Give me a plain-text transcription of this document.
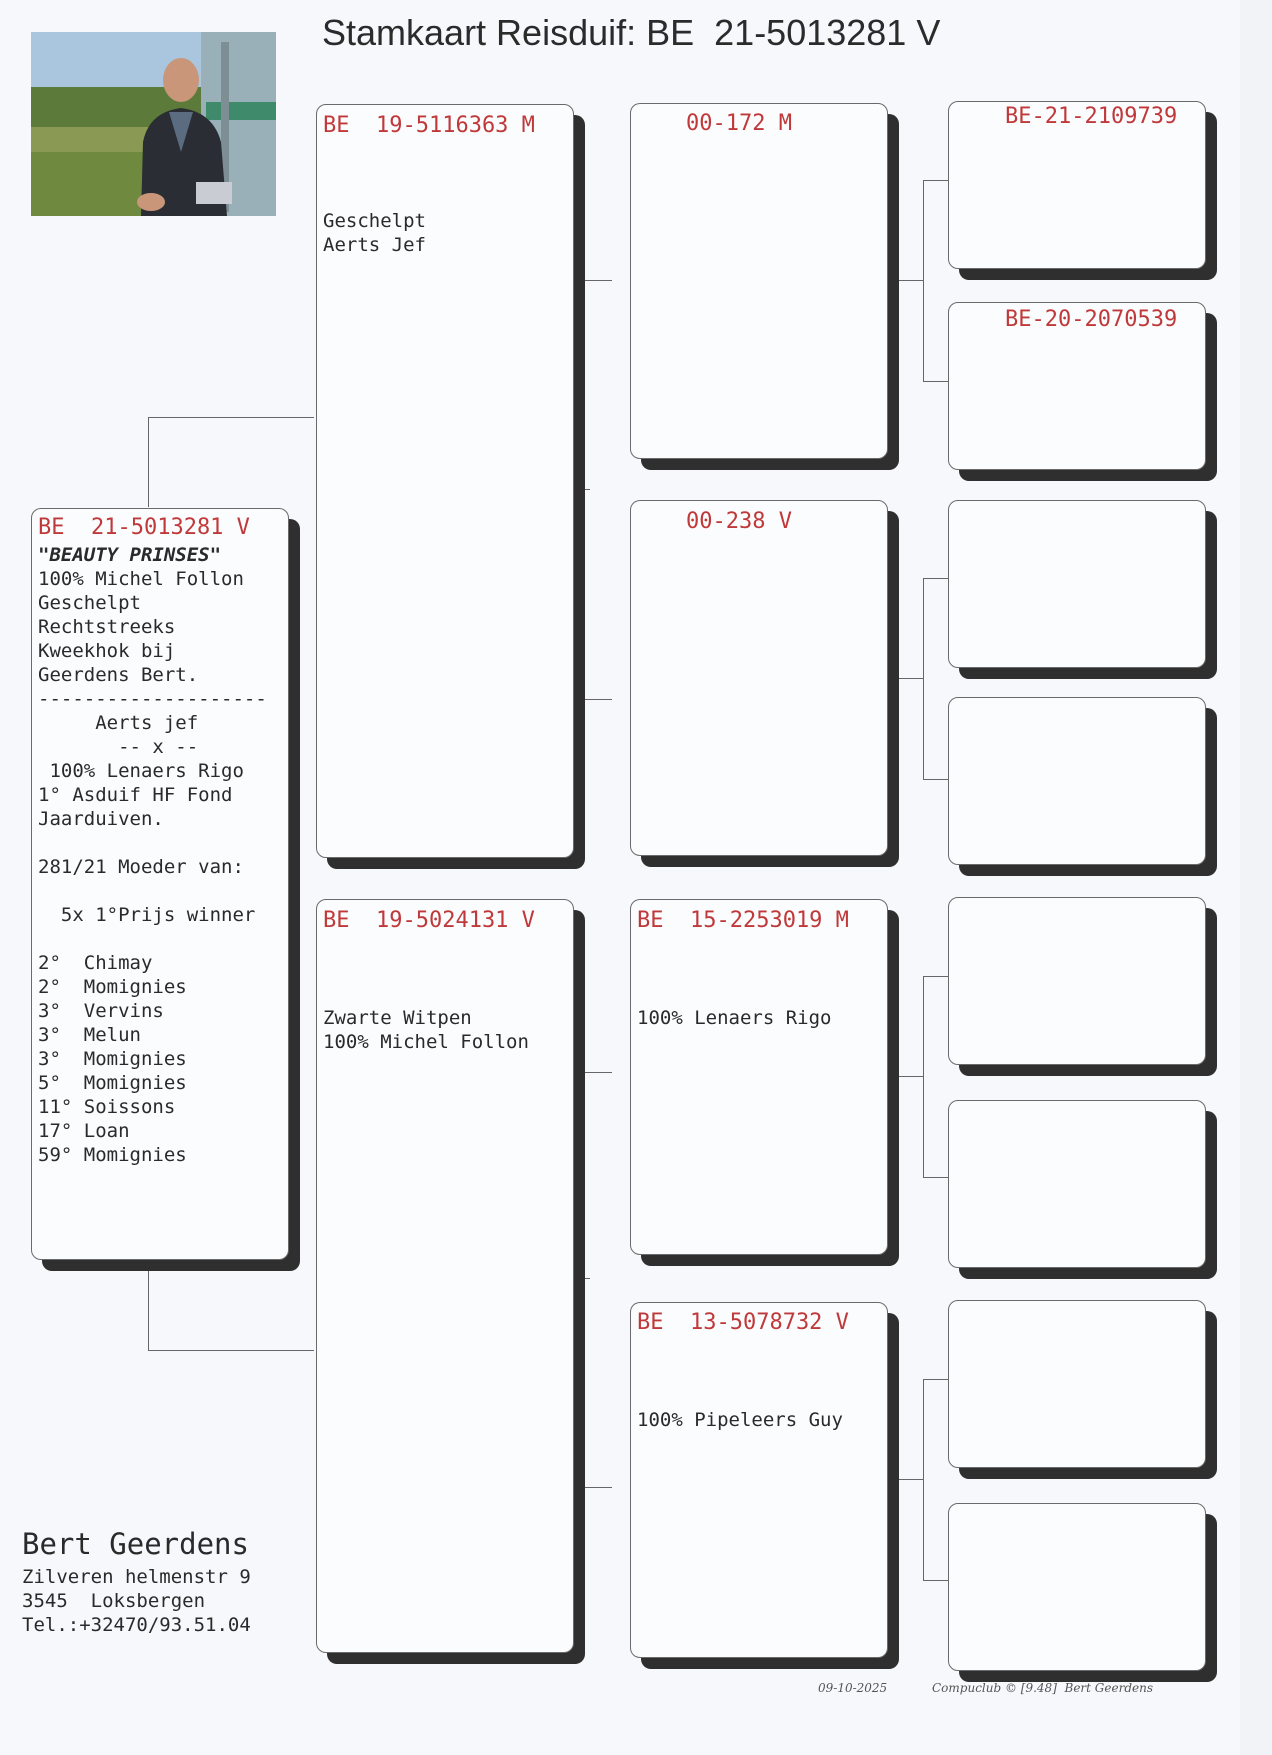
Stamkaart Reisduif: BE  21-5013281 V
BE  21-5013281 V
"BEAUTY PRINSES"
100% Michel Follon
Geschelpt
Rechtstreeks
Kweekhok bij
Geerdens Bert.
--------------------
Aerts jef
-- x --
100% Lenaers Rigo
1° Asduif HF Fond
Jaarduiven.

281/21 Moeder van:

5x 1°Prijs winner

2°  Chimay
2°  Momignies
3°  Vervins
3°  Melun
3°  Momignies
5°  Momignies
11° Soissons
17° Loan
59° Momignies
BE  19-5116363 M
Geschelpt
Aerts Jef
BE  19-5024131 V
Zwarte Witpen
100% Michel Follon
00-172 M
00-238 V
BE  15-2253019 M
100% Lenaers Rigo
BE  13-5078732 V
100% Pipeleers Guy
BE-21-2109739
BE-20-2070539
Bert Geerdens
Zilveren helmenstr 9
3545  Loksbergen
Tel.:+32470/93.51.04
09-10-2025	Compuclub © [9.48]  Bert Geerdens
